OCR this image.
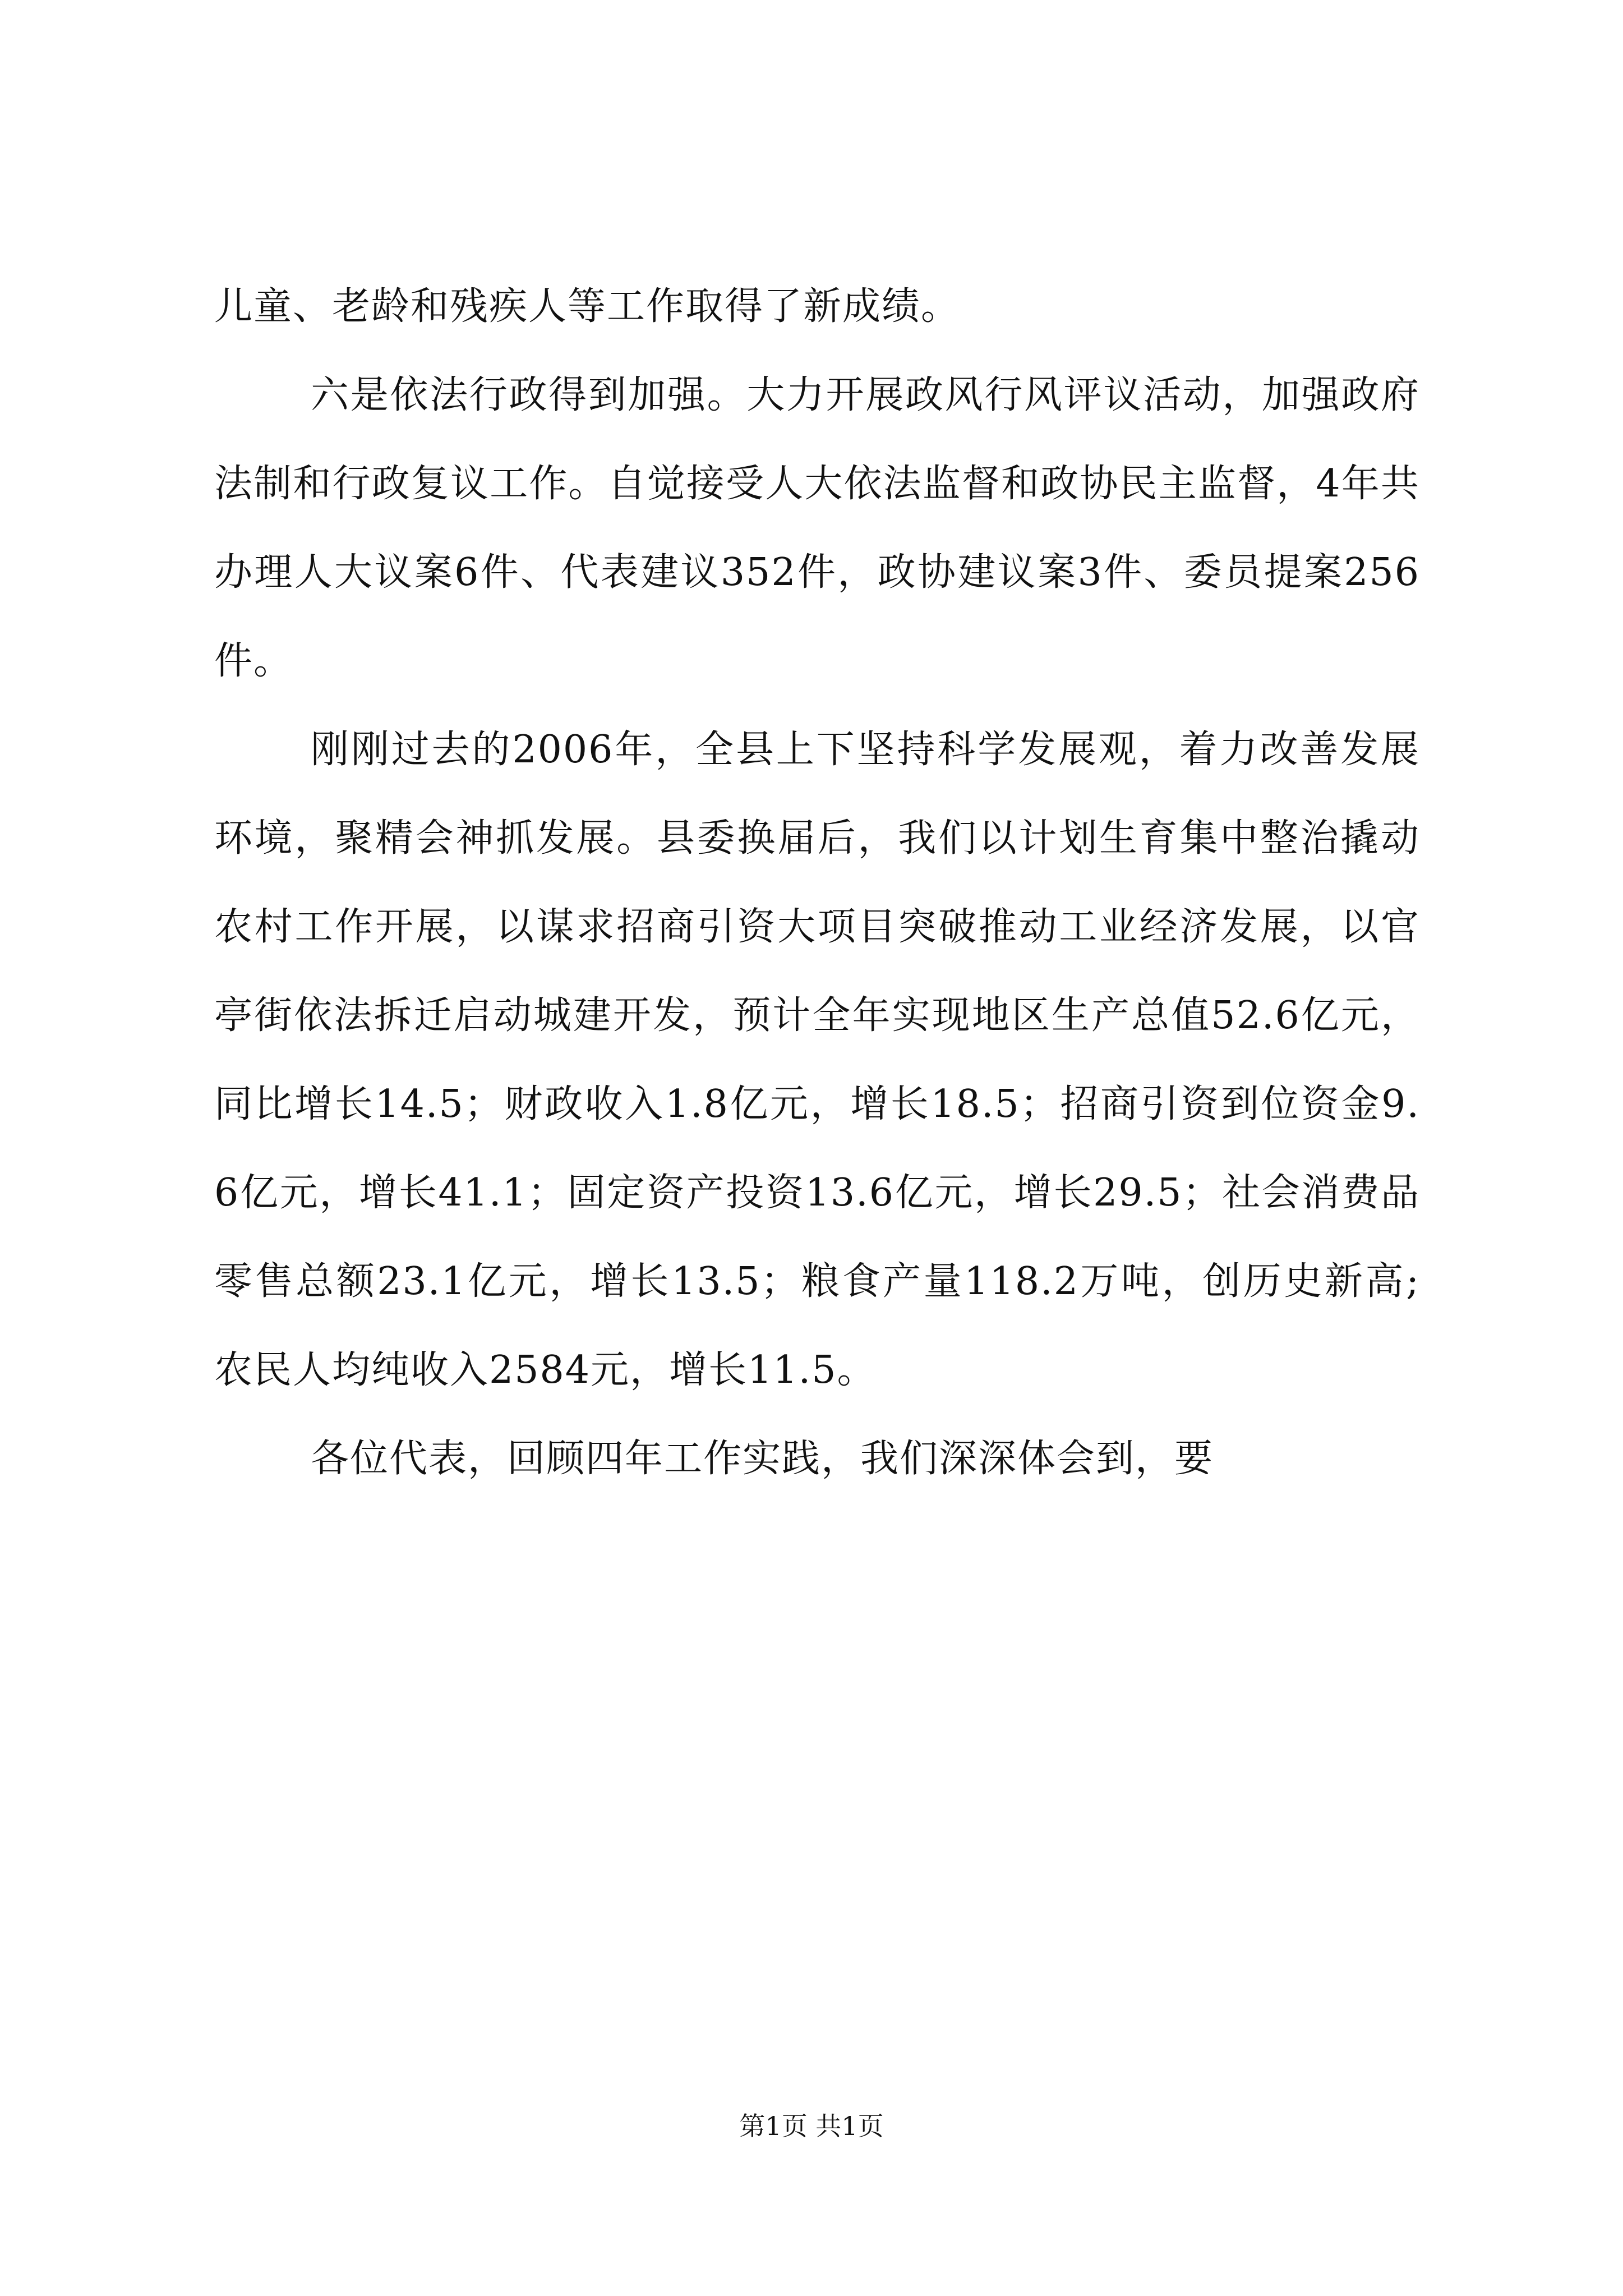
儿童、老龄和残疾人等工作取得了新成绩。

六是依法行政得到加强。大力开展政风行风评议活动，加强政府法制和行政复议工作。自觉接受人大依法监督和政协民主监督，4年共办理人大议案6件、代表建议352件，政协建议案3件、委员提案256件。

刚刚过去的2006年，全县上下坚持科学发展观，着力改善发展环境，聚精会神抓发展。县委换届后，我们以计划生育集中整治撬动农村工作开展，以谋求招商引资大项目突破推动工业经济发展，以官亭街依法拆迁启动城建开发，预计全年实现地区生产总值52.6亿元，同比增长14.5；财政收入1.8亿元，增长18.5；招商引资到位资金9.6亿元，增长41.1；固定资产投资13.6亿元，增长29.5；社会消费品零售总额23.1亿元，增长13.5；粮食产量118.2万吨，创历史新高;农民人均纯收入2584元，增长11.5。

各位代表，回顾四年工作实践，我们深深体会到，要

第1页 共1页
